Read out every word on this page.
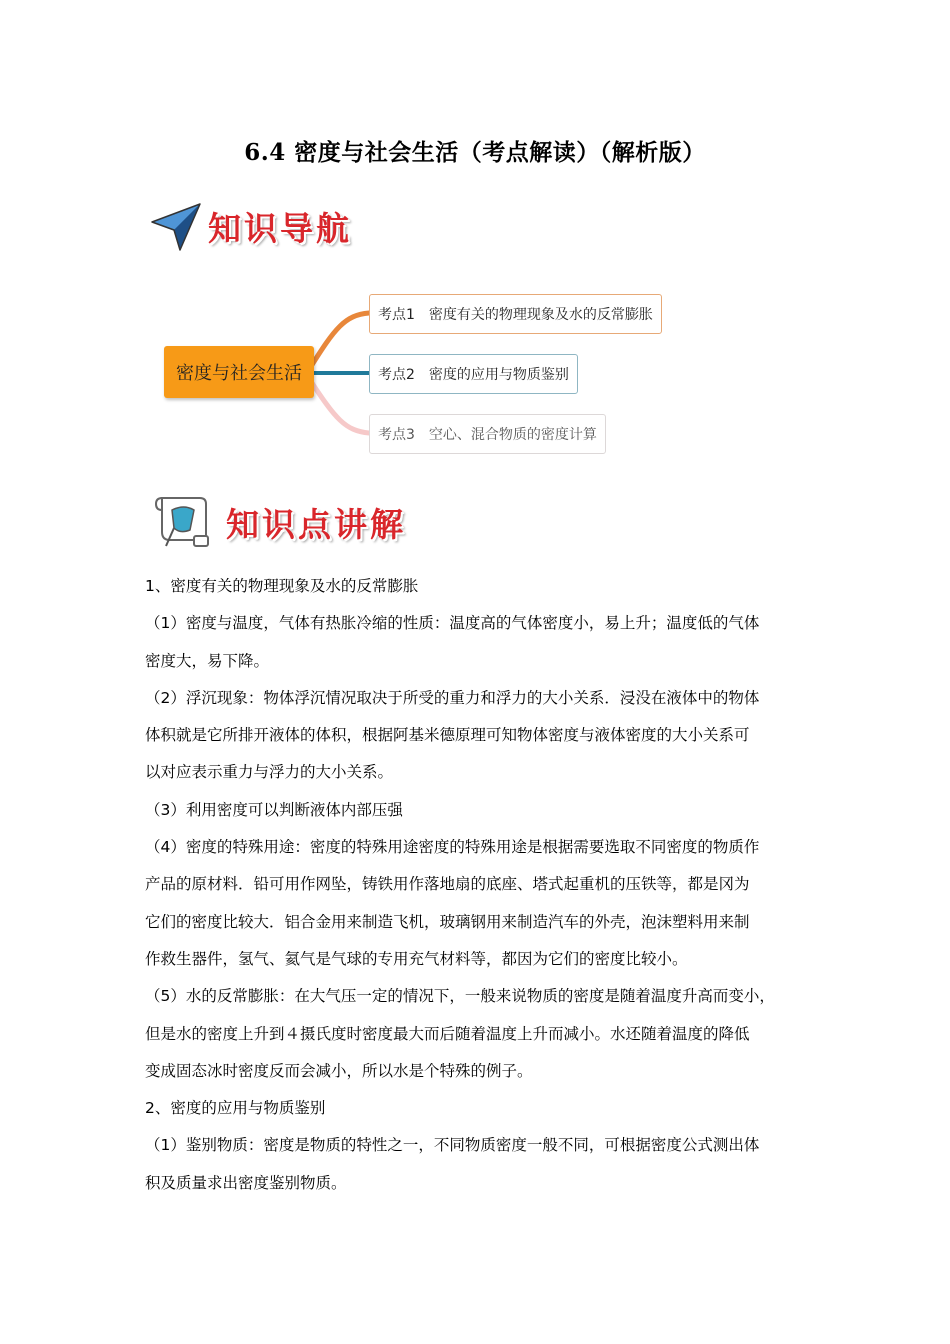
6.4 密度与社会生活（考点解读）（解析版）
知识导航
密度与社会生活
考点1 密度有关的物理现象及水的反常膨胀
考点2 密度的应用与物质鉴别
考点3 空心、混合物质的密度计算
知识点讲解
1、密度有关的物理现象及水的反常膨胀
（1）密度与温度，气体有热胀冷缩的性质：温度高的气体密度小，易上升；温度低的气体
密度大，易下降。
（2）浮沉现象：物体浮沉情况取决于所受的重力和浮力的大小关系．浸没在液体中的物体
体积就是它所排开液体的体积，根据阿基米德原理可知物体密度与液体密度的大小关系可
以对应表示重力与浮力的大小关系。
（3）利用密度可以判断液体内部压强
（4）密度的特殊用途：密度的特殊用途密度的特殊用途是根据需要选取不同密度的物质作
产品的原材料．铅可用作网坠，铸铁用作落地扇的底座、塔式起重机的压铁等，都是冈为
它们的密度比较大．铝合金用来制造飞机，玻璃钢用来制造汽车的外壳，泡沫塑料用来制
作救生器件，氢气、氦气是气球的专用充气材料等，都因为它们的密度比较小。
（5）水的反常膨胀：在大气压一定的情况下，一般来说物质的密度是随着温度升高而变小，
但是水的密度上升到４摄氏度时密度最大而后随着温度上升而减小。水还随着温度的降低
变成固态冰时密度反而会减小，所以水是个特殊的例子。
2、密度的应用与物质鉴别
（1）鉴别物质：密度是物质的特性之一，不同物质密度一般不同，可根据密度公式测出体
积及质量求出密度鉴别物质。
